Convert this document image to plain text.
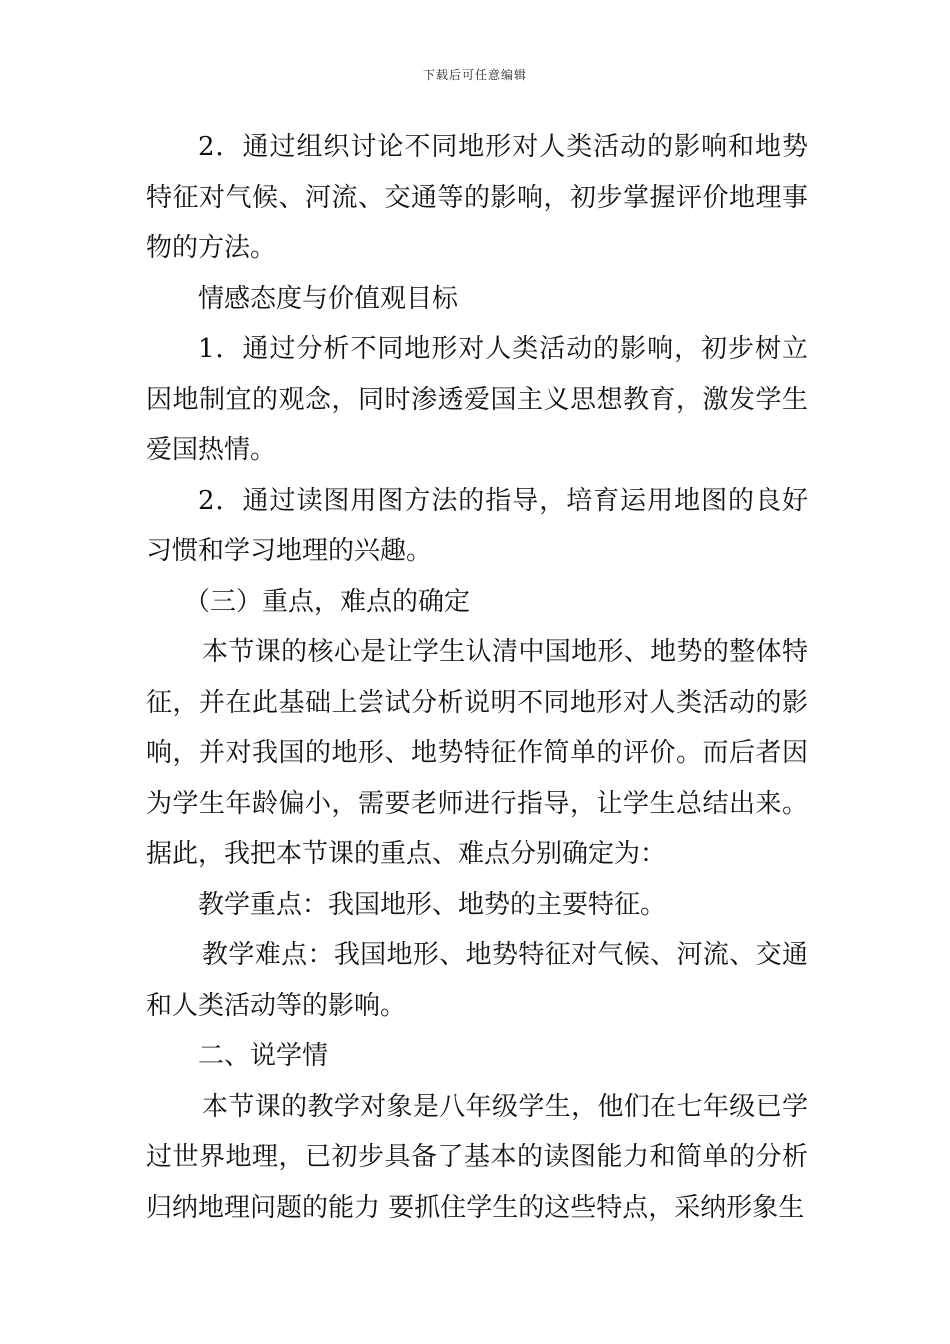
下载后可任意编辑

2．通过组织讨论不同地形对人类活动的影响和地势特征对气候、河流、交通等的影响，初步掌握评价地理事物的方法。

情感态度与价值观目标

1．通过分析不同地形对人类活动的影响，初步树立因地制宜的观念，同时渗透爱国主义思想教育，激发学生爱国热情。

2．通过读图用图方法的指导，培育运用地图的良好习惯和学习地理的兴趣。

（三）重点，难点的确定

本节课的核心是让学生认清中国地形、地势的整体特征，并在此基础上尝试分析说明不同地形对人类活动的影响，并对我国的地形、地势特征作简单的评价。而后者因为学生年龄偏小，需要老师进行指导，让学生总结出来。据此，我把本节课的重点、难点分别确定为：

教学重点：我国地形、地势的主要特征。

教学难点：我国地形、地势特征对气候、河流、交通和人类活动等的影响。

二、说学情

本节课的教学对象是八年级学生，他们在七年级已学过世界地理，已初步具备了基本的读图能力和简单的分析归纳地理问题的能力 要抓住学生的这些特点，采纳形象生
